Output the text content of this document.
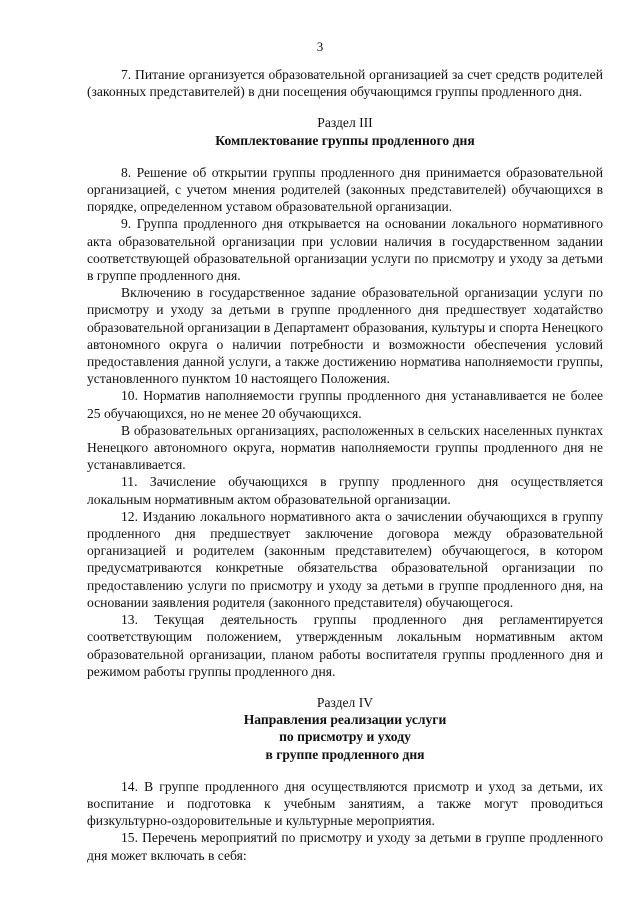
3

7. Питание организуется образовательной организацией за счет средств родителей (законных представителей) в дни посещения обучающимся группы продленного дня.

Раздел III
Комплектование группы продленного дня

8. Решение об открытии группы продленного дня принимается образовательной организацией, с учетом мнения родителей (законных представителей) обучающихся в порядке, определенном уставом образовательной организации.

9. Группа продленного дня открывается на основании локального нормативного акта образовательной организации при условии наличия в государственном задании соответствующей образовательной организации услуги по присмотру и уходу за детьми в группе продленного дня.

Включению в государственное задание образовательной организации услуги по присмотру и уходу за детьми в группе продленного дня предшествует ходатайство образовательной организации в Департамент образования, культуры и спорта Ненецкого автономного округа о наличии потребности и возможности обеспечения условий предоставления данной услуги, а также достижению норматива наполняемости группы, установленного пунктом 10 настоящего Положения.

10. Норматив наполняемости группы продленного дня устанавливается не более 25 обучающихся, но не менее 20 обучающихся.

В образовательных организациях, расположенных в сельских населенных пунктах Ненецкого автономного округа, норматив наполняемости группы продленного дня не устанавливается.

11. Зачисление обучающихся в группу продленного дня осуществляется локальным нормативным актом образовательной организации.

12. Изданию локального нормативного акта о зачислении обучающихся в группу продленного дня предшествует заключение договора между образовательной организацией и родителем (законным представителем) обучающегося, в котором предусматриваются конкретные обязательства образовательной организации по предоставлению услуги по присмотру и уходу за детьми в группе продленного дня, на основании заявления родителя (законного представителя) обучающегося.

13. Текущая деятельность группы продленного дня регламентируется соответствующим положением, утвержденным локальным нормативным актом образовательной организации, планом работы воспитателя группы продленного дня и режимом работы группы продленного дня.

Раздел IV
Направления реализации услуги
по присмотру и уходу
в группе продленного дня

14. В группе продленного дня осуществляются присмотр и уход за детьми, их воспитание и подготовка к учебным занятиям, а также могут проводиться физкультурно-оздоровительные и культурные мероприятия.

15. Перечень мероприятий по присмотру и уходу за детьми в группе продленного дня может включать в себя:
